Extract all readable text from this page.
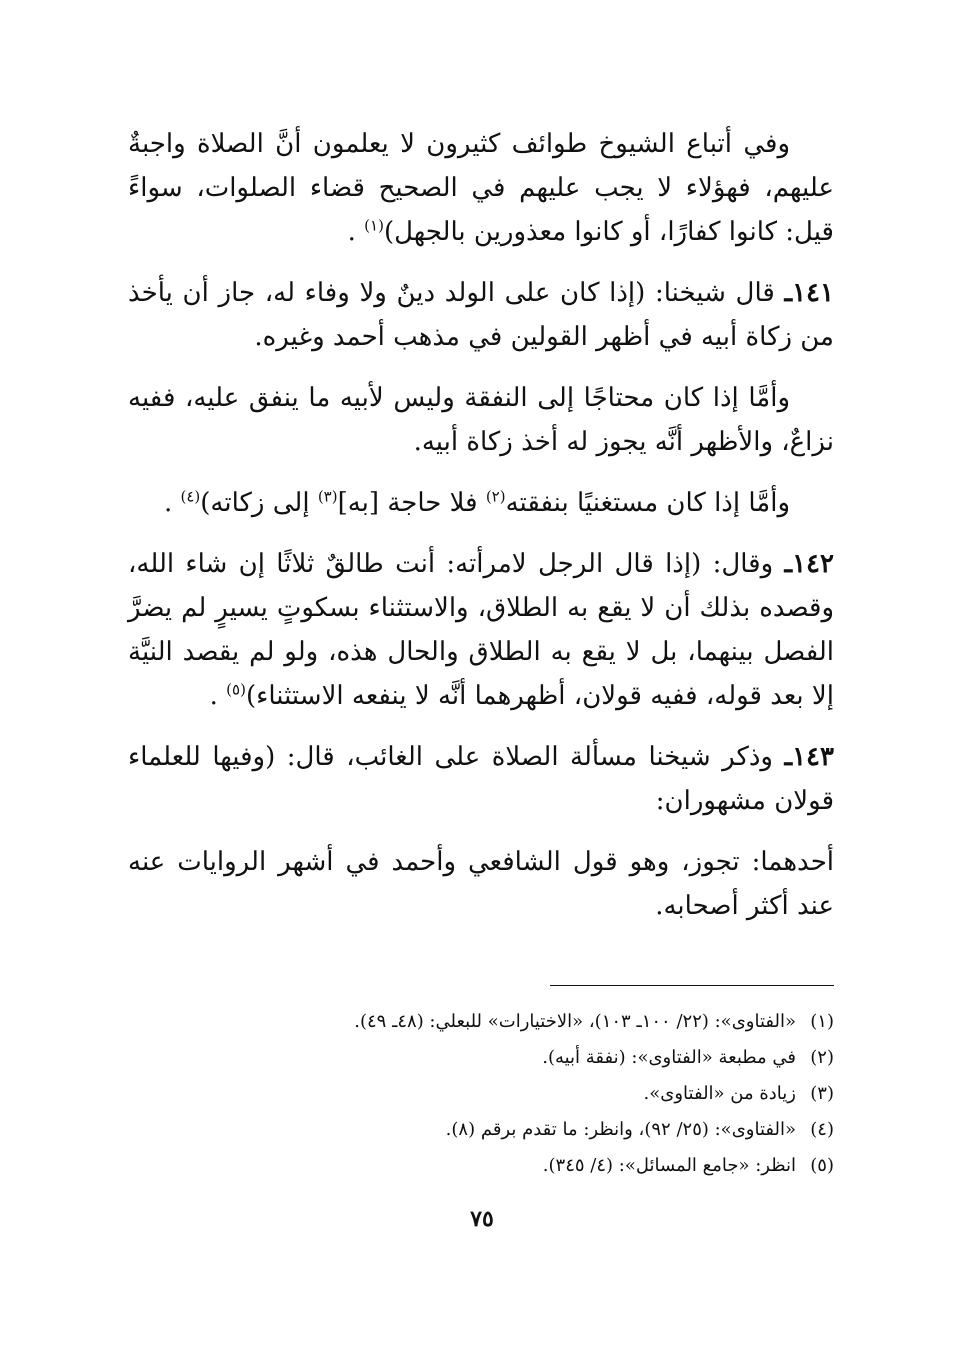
وفي أتباع الشيوخ طوائف كثيرون لا يعلمون أنَّ الصلاة واجبةٌ عليهم، فهؤلاء لا يجب عليهم في الصحيح قضاء الصلوات، سواءً قيل: كانوا كفارًا، أو كانوا معذورين بالجهل)$^{(١)}$ .

١٤١ـ قال شيخنا: (إذا كان على الولد دينٌ ولا وفاء له، جاز أن يأخذ من زكاة أبيه في أظهر القولين في مذهب أحمد وغيره.

وأمَّا إذا كان محتاجًا إلى النفقة وليس لأبيه ما ينفق عليه، ففيه نزاعٌ، والأظهر أنَّه يجوز له أخذ زكاة أبيه.

وأمَّا إذا كان مستغنيًا بنفقته$^{(٢)}$ فلا حاجة [به]$^{(٣)}$ إلى زكاته)$^{(٤)}$ .

١٤٢ـ وقال: (إذا قال الرجل لامرأته: أنت طالقٌ ثلاثًا إن شاء الله، وقصده بذلك أن لا يقع به الطلاق، والاستثناء بسكوتٍ يسيرٍ لم يضرَّ الفصل بينهما، بل لا يقع به الطلاق والحال هذه، ولو لم يقصد النيَّة إلا بعد قوله، ففيه قولان، أظهرهما أنَّه لا ينفعه الاستثناء)$^{(٥)}$ .

١٤٣ـ وذكر شيخنا مسألة الصلاة على الغائب، قال: (وفيها للعلماء قولان مشهوران:

أحدهما: تجوز، وهو قول الشافعي وأحمد في أشهر الروايات عنه عند أكثر أصحابه.

(١)«الفتاوى»: (٢٢/ ١٠٠ـ ١٠٣)، «الاختيارات» للبعلي: (٤٨ـ ٤٩).
(٢)في مطبعة «الفتاوى»: (نفقة أبيه).
(٣)زيادة من «الفتاوى».
(٤)«الفتاوى»: (٢٥/ ٩٢)، وانظر: ما تقدم برقم (٨).
(٥)انظر: «جامع المسائل»: (٤/ ٣٤٥).
٧٥
